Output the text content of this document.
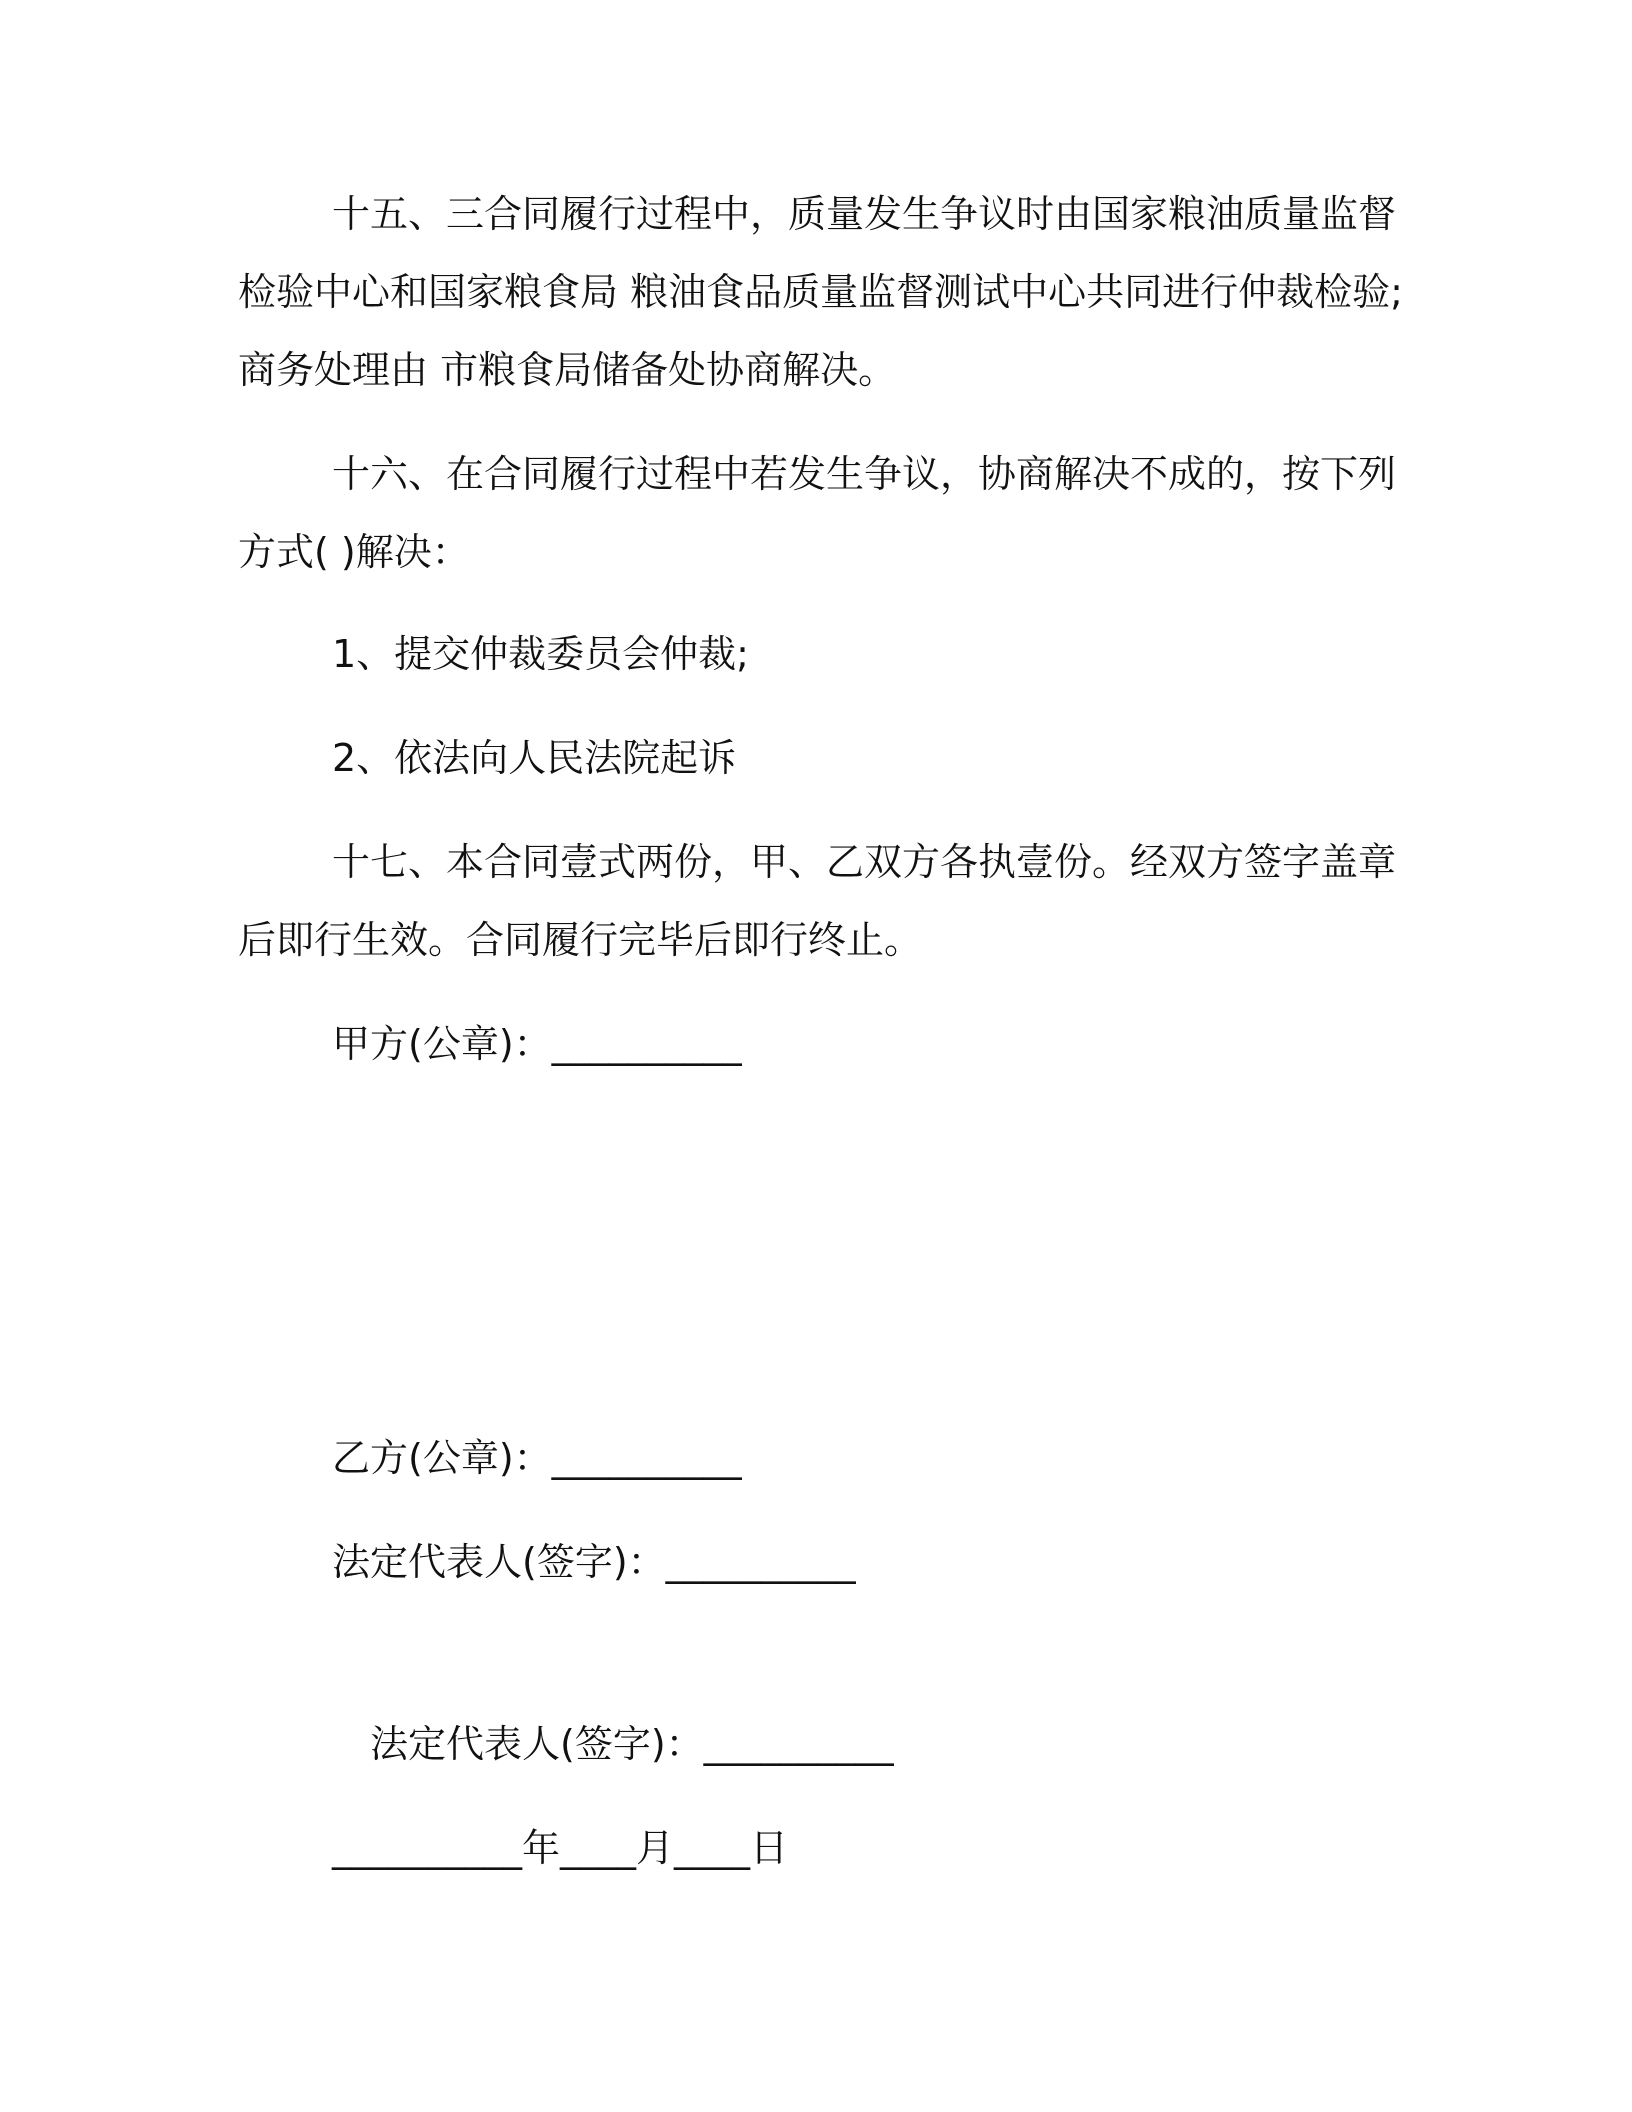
十五、三合同履行过程中，质量发生争议时由国家粮油质量监督

检验中心和国家粮食局 粮油食品质量监督测试中心共同进行仲裁检验;

商务处理由 市粮食局储备处协商解决。

十六、在合同履行过程中若发生争议，协商解决不成的，按下列

方式( )解决：

1、提交仲裁委员会仲裁;

2、依法向人民法院起诉

十七、本合同壹式两份，甲、乙双方各执壹份。经双方签字盖章

后即行生效。合同履行完毕后即行终止。

甲方(公章)：__________

乙方(公章)：__________

法定代表人(签字)：__________

法定代表人(签字)：__________

__________年____月____日
